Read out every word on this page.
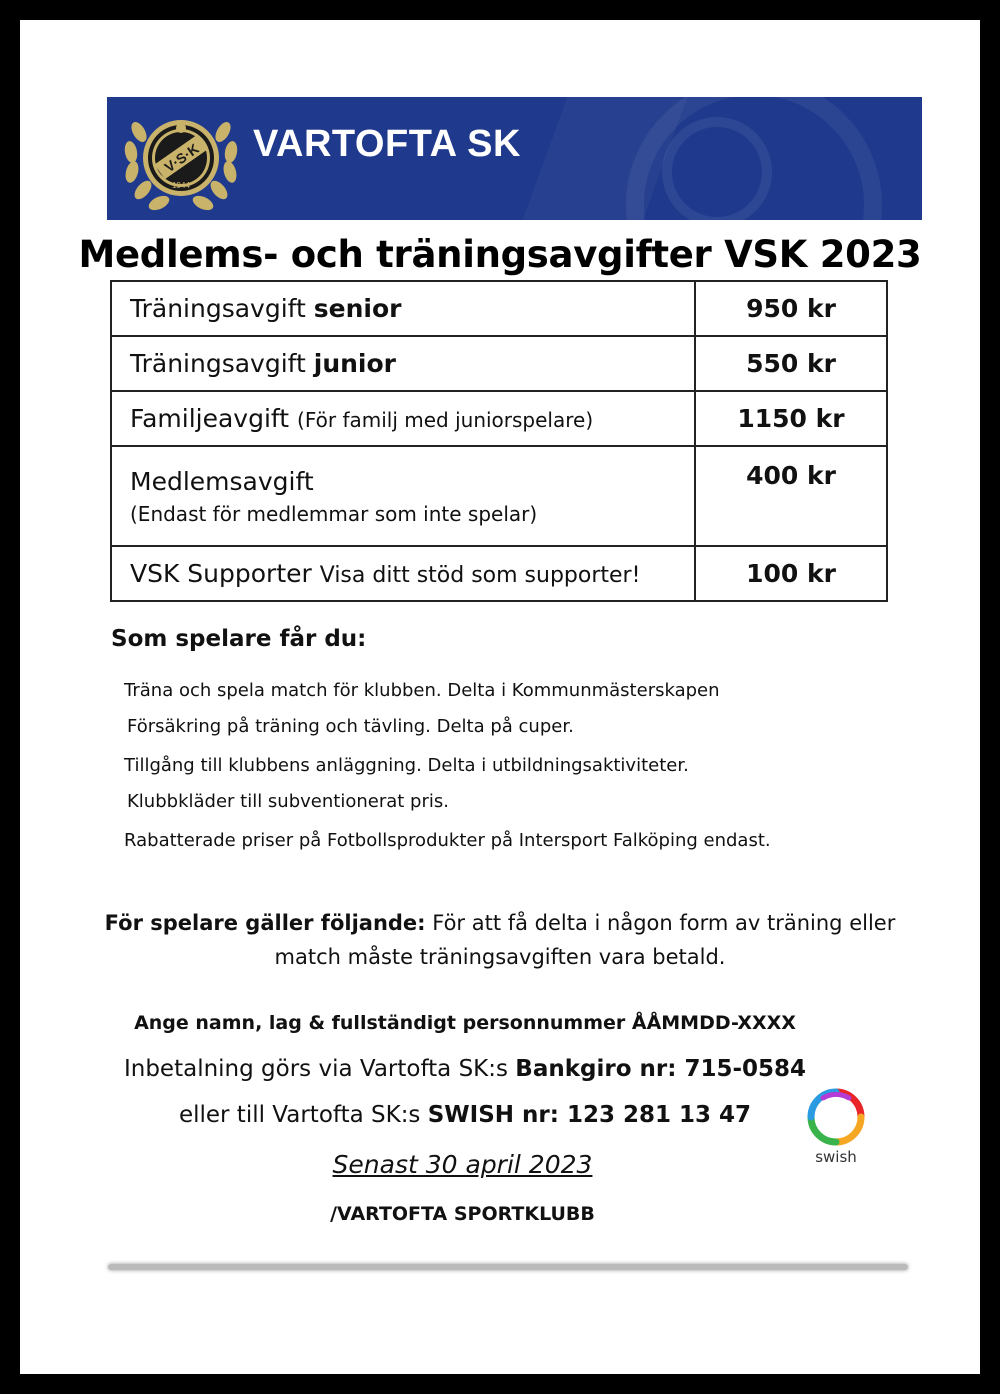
V·S·K
1944
VARTOFTA SK
Medlems- och träningsavgifter VSK 2023
Träningsavgift senior	950 kr
Träningsavgift junior	550 kr
Familjeavgift (För familj med juniorspelare)	1150 kr
Medlemsavgift
(Endast för medlemmar som inte spelar)	400 kr
VSK Supporter Visa ditt stöd som supporter!	100 kr
Som spelare får du:
Träna och spela match för klubben. Delta i Kommunmästerskapen
Försäkring på träning och tävling. Delta på cuper.
Tillgång till klubbens anläggning. Delta i utbildningsaktiviteter.
Klubbkläder till subventionerat pris.
Rabatterade priser på Fotbollsprodukter på Intersport Falköping endast.
För spelare gäller följande: För att få delta i någon form av träning eller
match måste träningsavgiften vara betald.
Ange namn, lag & fullständigt personnummer ÅÅMMDD-XXXX
Inbetalning görs via Vartofta SK:s Bankgiro nr: 715-0584
eller till Vartofta SK:s SWISH nr: 123 281 13 47
Senast 30 april 2023
/VARTOFTA SPORTKLUBB
swish
